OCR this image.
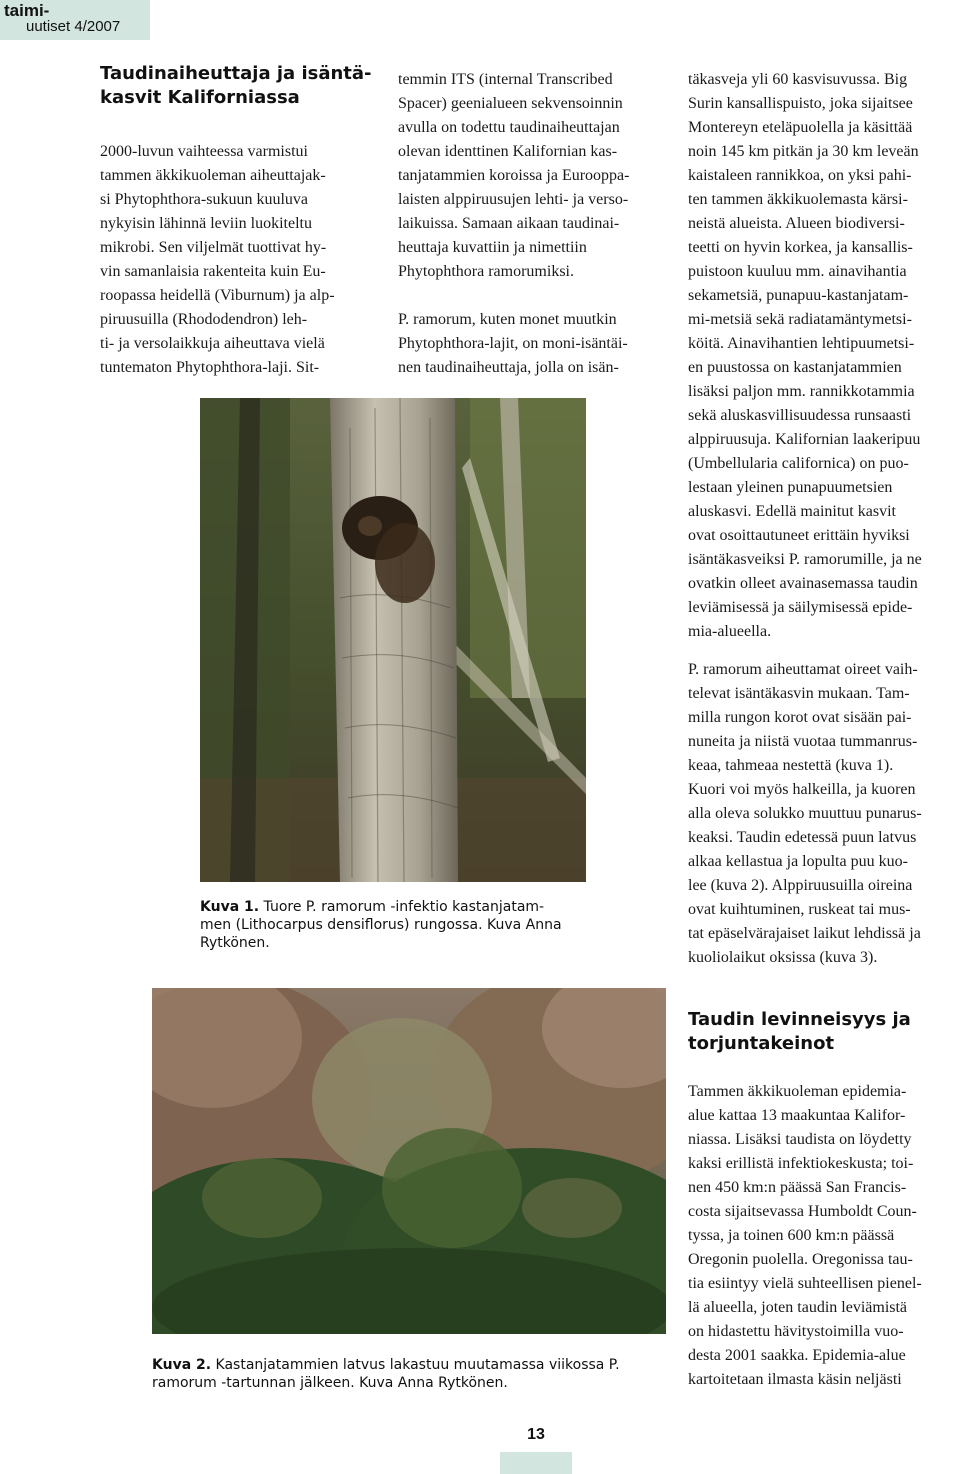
taimi-
uutiset 4/2007
Taudinaiheuttaja ja isäntä-
kasvit Kaliforniassa

2000-luvun vaihteessa varmistui

tammen äkkikuoleman aiheuttajak-

si Phytophthora-sukuun kuuluva

nykyisin lähinnä leviin luokiteltu

mikrobi. Sen viljelmät tuottivat hy-

vin samanlaisia rakenteita kuin Eu-

roopassa heidellä (Viburnum) ja alp-

piruusuilla (Rhododendron) leh-

ti- ja versolaikkuja aiheuttava vielä

tuntematon Phytophthora-laji. Sit-

temmin ITS (internal Transcribed

Spacer) geenialueen sekvensoinnin

avulla on todettu taudinaiheuttajan

olevan identtinen Kalifornian kas-

tanjatammien koroissa ja Eurooppa-

laisten alppiruusujen lehti- ja verso-

laikuissa. Samaan aikaan taudinai-

heuttaja kuvattiin ja nimettiin

Phytophthora ramorumiksi.

P. ramorum, kuten monet muutkin

Phytophthora-lajit, on moni-isäntäi-

nen taudinaiheuttaja, jolla on isän-

täkasveja yli 60 kasvisuvussa. Big

Surin kansallispuisto, joka sijaitsee

Montereyn eteläpuolella ja käsittää

noin 145 km pitkän ja 30 km leveän

kaistaleen rannikkoa, on yksi pahi-

ten tammen äkkikuolemasta kärsi-

neistä alueista. Alueen biodiversi-

teetti on hyvin korkea, ja kansallis-

puistoon kuuluu mm. ainavihantia

sekametsiä, punapuu-kastanjatam-

mi-metsiä sekä radiatamäntymetsi-

köitä. Ainavihantien lehtipuumetsi-

en puustossa on kastanjatammien

lisäksi paljon mm. rannikkotammia

sekä aluskasvillisuudessa runsaasti

alppiruusuja. Kalifornian laakeripuu

(Umbellularia californica) on puo-

lestaan yleinen punapuumetsien

aluskasvi. Edellä mainitut kasvit

ovat osoittautuneet erittäin hyviksi

isäntäkasveiksi P. ramorumille, ja ne

ovatkin olleet avainasemassa taudin

leviämisessä ja säilymisessä epide-

mia-alueella.

P. ramorum aiheuttamat oireet vaih-

televat isäntäkasvin mukaan. Tam-

milla rungon korot ovat sisään pai-

nuneita ja niistä vuotaa tummanrus-

keaa, tahmeaa nestettä (kuva 1).

Kuori voi myös halkeilla, ja kuoren

alla oleva solukko muuttuu punarus-

keaksi. Taudin edetessä puun latvus

alkaa kellastua ja lopulta puu kuo-

lee (kuva 2). Alppiruusuilla oireina

ovat kuihtuminen, ruskeat tai mus-

tat epäselvärajaiset laikut lehdissä ja

kuoliolaikut oksissa (kuva 3).

Kuva 1. Tuore P. ramorum -infektio kastanjatam-
men (Lithocarpus densiflorus) rungossa. Kuva Anna
Rytkönen.
Kuva 2. Kastanjatammien latvus lakastuu muutamassa viikossa P.
ramorum -tartunnan jälkeen. Kuva Anna Rytkönen.
Taudin levinneisyys ja
torjuntakeinot

Tammen äkkikuoleman epidemia-

alue kattaa 13 maakuntaa Kalifor-

niassa. Lisäksi taudista on löydetty

kaksi erillistä infektiokeskusta; toi-

nen 450 km:n päässä San Francis-

costa sijaitsevassa Humboldt Coun-

tyssa, ja toinen 600 km:n päässä

Oregonin puolella. Oregonissa tau-

tia esiintyy vielä suhteellisen pienel-

lä alueella, joten taudin leviämistä

on hidastettu hävitystoimilla vuo-

desta 2001 saakka. Epidemia-alue

kartoitetaan ilmasta käsin neljästi

13
